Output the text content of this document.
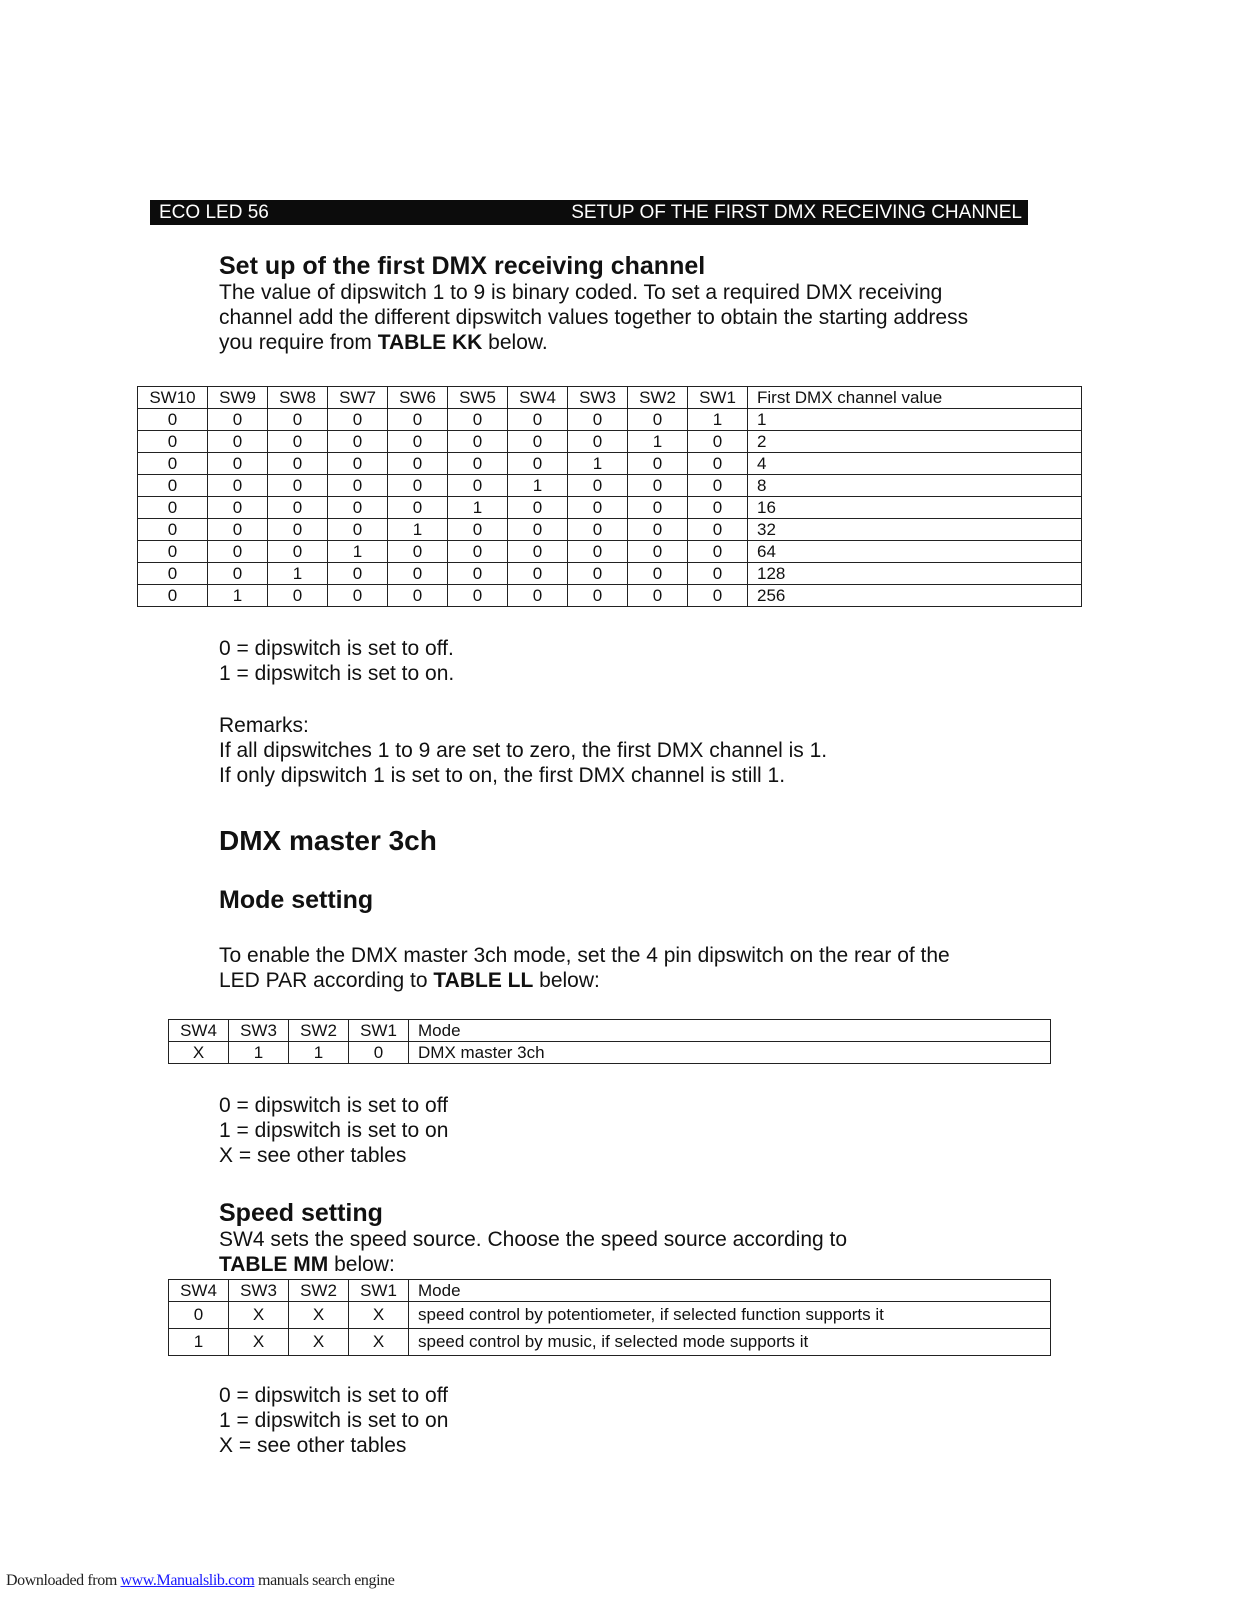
ECO LED 56	SETUP OF THE FIRST DMX RECEIVING CHANNEL
Set up of the first DMX receiving channel

The value of dipswitch 1 to 9 is binary coded. To set a required DMX receiving

channel add the different dipswitch values together to obtain the starting address

you require from TABLE KK below.

SW10	SW9	SW8	SW7	SW6	SW5	SW4	SW3	SW2	SW1	First DMX channel value
0	0	0	0	0	0	0	0	0	1	1
0	0	0	0	0	0	0	0	1	0	2
0	0	0	0	0	0	0	1	0	0	4
0	0	0	0	0	0	1	0	0	0	8
0	0	0	0	0	1	0	0	0	0	16
0	0	0	0	1	0	0	0	0	0	32
0	0	0	1	0	0	0	0	0	0	64
0	0	1	0	0	0	0	0	0	0	128
0	1	0	0	0	0	0	0	0	0	256

0 = dipswitch is set to off.

1 = dipswitch is set to on.

Remarks:

If all dipswitches 1 to 9 are set to zero, the first DMX channel is 1.

If only dipswitch 1 is set to on, the first DMX channel is still 1.

DMX master 3ch
Mode setting

To enable the DMX master 3ch mode, set the 4 pin dipswitch on the rear of the

LED PAR according to TABLE LL below:

SW4	SW3	SW2	SW1	Mode
X	1	1	0	DMX master 3ch

0 = dipswitch is set to off

1 = dipswitch is set to on

X = see other tables

Speed setting

SW4 sets the speed source. Choose the speed source according to

TABLE MM below:

SW4	SW3	SW2	SW1	Mode
0	X	X	X	speed control by potentiometer, if selected function supports it
1	X	X	X	speed control by music, if selected mode supports it

0 = dipswitch is set to off

1 = dipswitch is set to on

X = see other tables

Downloaded from www.Manualslib.com manuals search engine
